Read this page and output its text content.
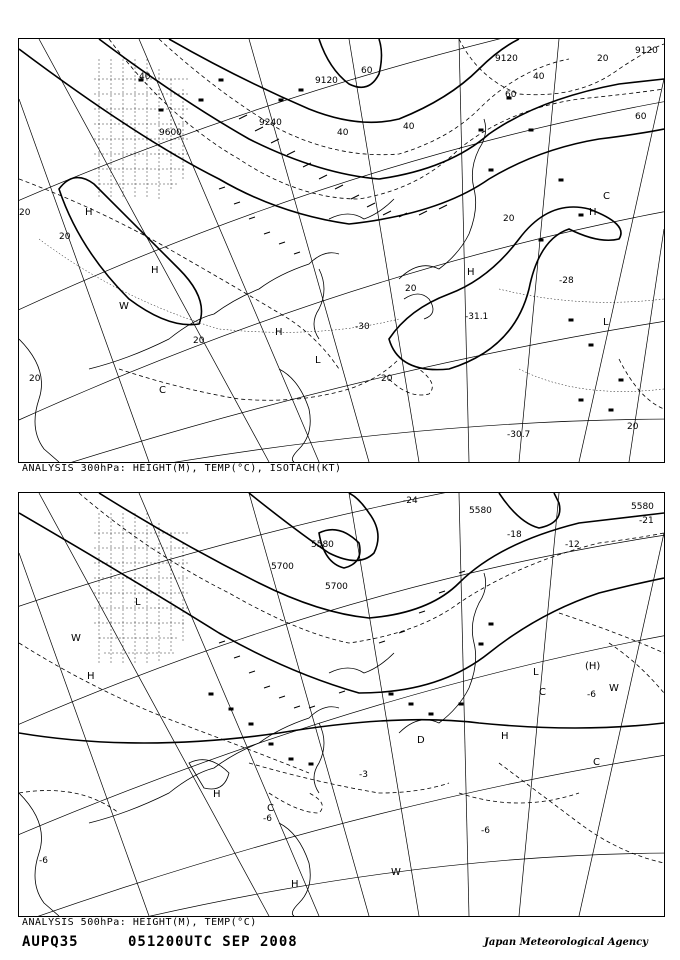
9600
9240
9120
9120
9120
40
60
40
60
40
20
60
40
20
20
20
20
20
20
20
20
-30
-28
-31.1
-30.7
H
H
H
H
H
W
L
L
C
C
ANALYSIS 300hPa: HEIGHT(M), TEMP(°C), ISOTACH(KT)
5580
5700
5580	5580
5700
-24
-18
-21
-12
-6
-3
-6
-6
-6
H
H
H
H
(H)
W
W
W
L
L
C
C
C
D
ANALYSIS 500hPa: HEIGHT(M), TEMP(°C)
AUPQ35	051200UTC SEP 2008	Japan Meteorological Agency
